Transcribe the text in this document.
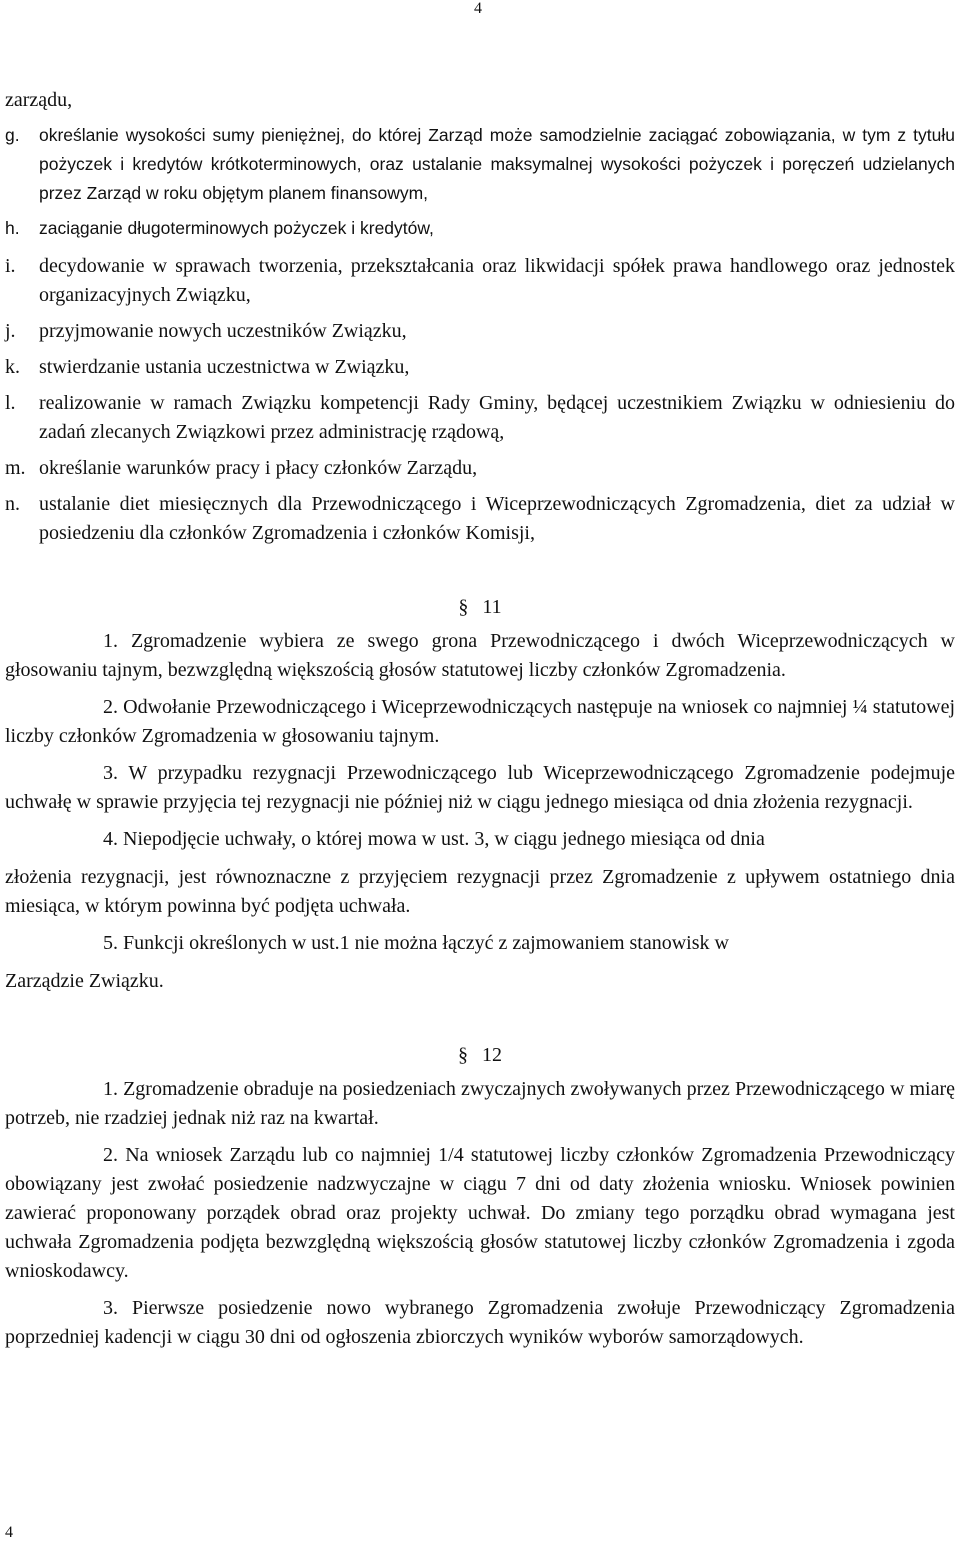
4

zarządu,

g. określanie wysokości sumy pieniężnej, do której Zarząd może samodzielnie zaciągać zobowiązania, w tym z tytułu pożyczek i kredytów krótkoterminowych, oraz ustalanie maksymalnej wysokości pożyczek i poręczeń udzielanych przez Zarząd w roku objętym planem finansowym,
h. zaciąganie długoterminowych pożyczek i kredytów,
i. decydowanie w sprawach tworzenia, przekształcania oraz likwidacji spółek prawa handlowego oraz jednostek organizacyjnych Związku,
j. przyjmowanie nowych uczestników Związku,
k. stwierdzanie ustania uczestnictwa w Związku,
l. realizowanie w ramach Związku kompetencji Rady Gminy, będącej uczestnikiem Związku w odniesieniu do zadań zlecanych Związkowi przez administrację rządową,
m. określanie warunków pracy i płacy członków Zarządu,
n. ustalanie diet miesięcznych dla Przewodniczącego i Wiceprzewodniczących Zgromadzenia, diet za udział w posiedzeniu dla członków Zgromadzenia i członków Komisji,
§ 11

1. Zgromadzenie wybiera ze swego grona Przewodniczącego i dwóch Wiceprzewodniczących w głosowaniu tajnym, bezwzględną większością głosów statutowej liczby członków Zgromadzenia.

2. Odwołanie Przewodniczącego i Wiceprzewodniczących następuje na wniosek co najmniej ¼ statutowej liczby członków Zgromadzenia w głosowaniu tajnym.

3. W przypadku rezygnacji Przewodniczącego lub Wiceprzewodniczącego Zgromadzenie podejmuje uchwałę w sprawie przyjęcia tej rezygnacji nie później niż w ciągu jednego miesiąca od dnia złożenia rezygnacji.

4. Niepodjęcie uchwały, o której mowa w ust. 3, w ciągu jednego miesiąca od dnia

złożenia rezygnacji, jest równoznaczne z przyjęciem rezygnacji przez Zgromadzenie z upływem ostatniego dnia miesiąca, w którym powinna być podjęta uchwała.

5. Funkcji określonych w ust.1 nie można łączyć z zajmowaniem stanowisk w

Zarządzie Związku.

§ 12

1. Zgromadzenie obraduje na posiedzeniach zwyczajnych zwoływanych przez Przewodniczącego w miarę potrzeb, nie rzadziej jednak niż raz na kwartał.

2. Na wniosek Zarządu lub co najmniej 1/4 statutowej liczby członków Zgromadzenia Przewodniczący obowiązany jest zwołać posiedzenie nadzwyczajne w ciągu 7 dni od daty złożenia wniosku. Wniosek powinien zawierać proponowany porządek obrad oraz projekty uchwał. Do zmiany tego porządku obrad wymagana jest uchwała Zgromadzenia podjęta bezwzględną większością głosów statutowej liczby członków Zgromadzenia i zgoda wnioskodawcy.

3. Pierwsze posiedzenie nowo wybranego Zgromadzenia zwołuje Przewodniczący Zgromadzenia poprzedniej kadencji w ciągu 30 dni od ogłoszenia zbiorczych wyników wyborów samorządowych.

4
